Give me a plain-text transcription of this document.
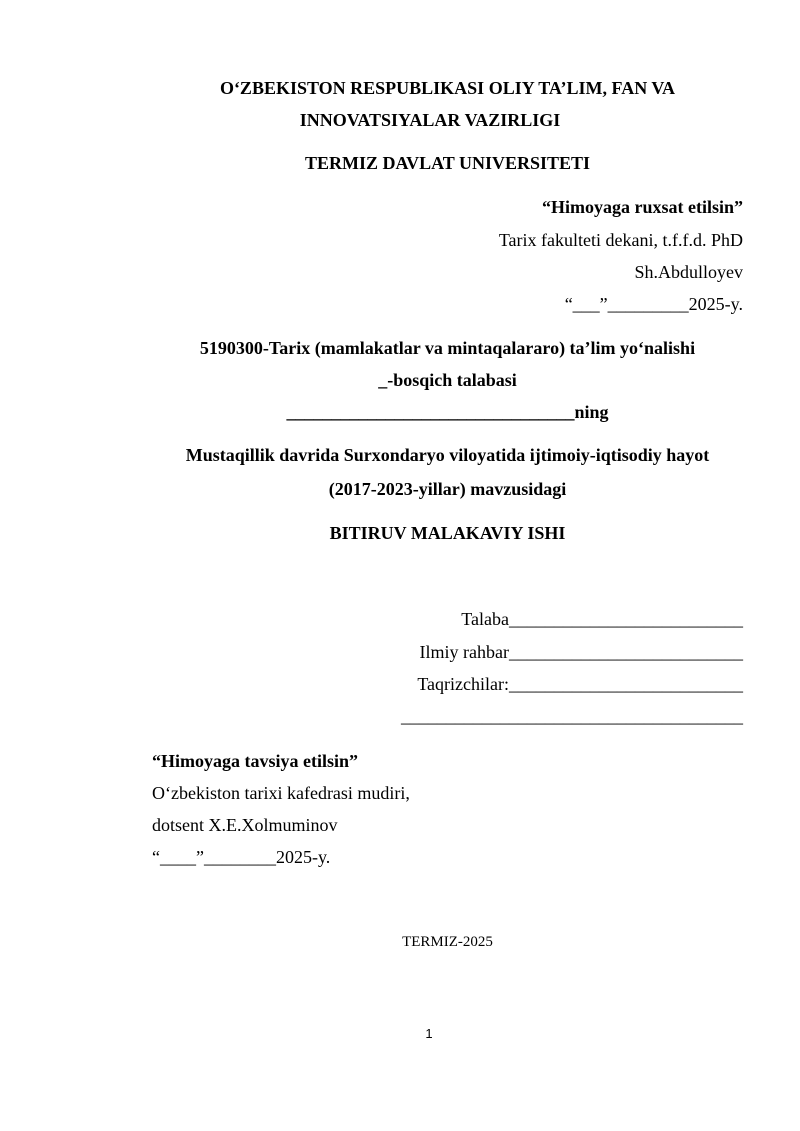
O‘ZBEKISTON RESPUBLIKASI OLIY TA’LIM, FAN VA
INNOVATSIYALAR VAZIRLIGI
TERMIZ DAVLAT UNIVERSITETI
“Himoyaga ruxsat etilsin”
Tarix fakulteti dekani, t.f.f.d. PhD
Sh.Abdulloyev
“___”_________2025-y.
5190300-Tarix (mamlakatlar va mintaqalararo) ta’lim yo‘nalishi
_-bosqich talabasi
________________________________ning
Mustaqillik davrida Surxondaryo viloyatida ijtimoiy-iqtisodiy hayot
(2017-2023-yillar) mavzusidagi
BITIRUV MALAKAVIY ISHI
Talaba__________________________
Ilmiy rahbar__________________________
Taqrizchilar:__________________________
______________________________________
“Himoyaga tavsiya etilsin”
O‘zbekiston tarixi kafedrasi mudiri,
dotsent X.E.Xolmuminov
“____”________2025-y.
TERMIZ-2025
1
